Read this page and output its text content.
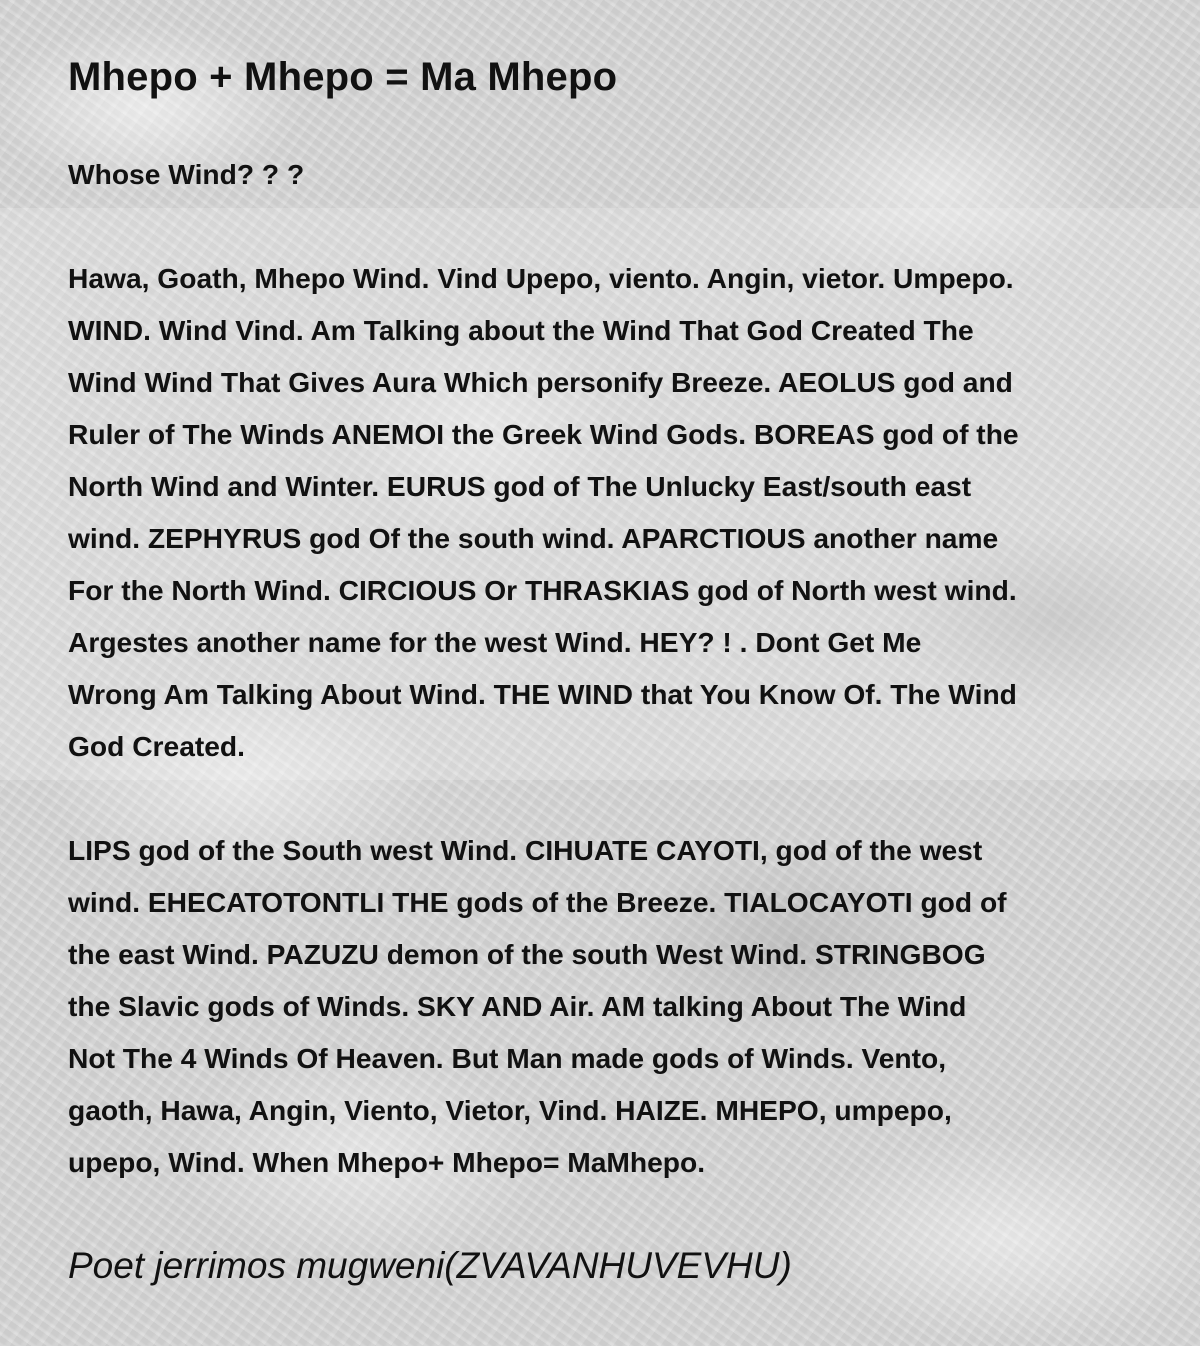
Mhepo + Mhepo = Ma Mhepo

Whose Wind? ? ?

Hawa, Goath, Mhepo Wind. Vind Upepo, viento. Angin, vietor. Umpepo.
WIND. Wind Vind. Am Talking about the Wind That God Created The
Wind Wind That Gives Aura Which personify Breeze. AEOLUS god and
Ruler of The Winds ANEMOI the Greek Wind Gods. BOREAS god of the
North Wind and Winter. EURUS god of The Unlucky East/south east
wind. ZEPHYRUS god Of the south wind. APARCTIOUS another name
For the North Wind. CIRCIOUS Or THRASKIAS god of North west wind.
Argestes another name for the west Wind. HEY? ! . Dont Get Me
Wrong Am Talking About Wind. THE WIND that You Know Of. The Wind
God Created.

LIPS god of the South west Wind. CIHUATE CAYOTI, god of the west
wind. EHECATOTONTLI THE gods of the Breeze. TIALOCAYOTI god of
the east Wind. PAZUZU demon of the south West Wind. STRINGBOG
the Slavic gods of Winds. SKY AND Air. AM talking About The Wind
Not The 4 Winds Of Heaven. But Man made gods of Winds. Vento,
gaoth, Hawa, Angin, Viento, Vietor, Vind. HAIZE. MHEPO, umpepo,
upepo, Wind. When Mhepo+ Mhepo= MaMhepo.

Poet jerrimos mugweni(ZVAVANHUVEVHU)
